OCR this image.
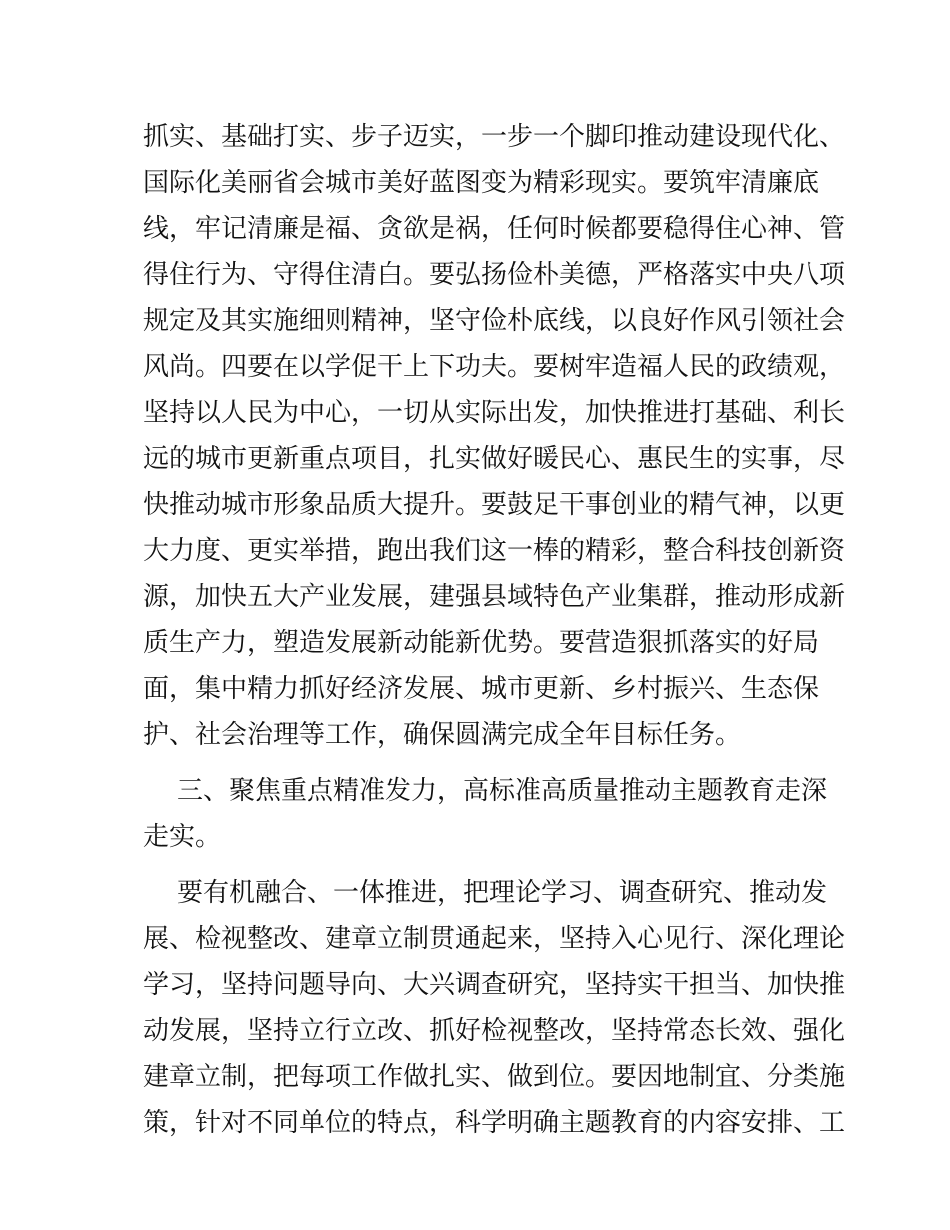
抓实、基础打实、步子迈实，一步一个脚印推动建设现代化、

国际化美丽省会城市美好蓝图变为精彩现实。要筑牢清廉底

线，牢记清廉是福、贪欲是祸，任何时候都要稳得住心神、管

得住行为、守得住清白。要弘扬俭朴美德，严格落实中央八项

规定及其实施细则精神，坚守俭朴底线，以良好作风引领社会

风尚。四要在以学促干上下功夫。要树牢造福人民的政绩观，

坚持以人民为中心，一切从实际出发，加快推进打基础、利长

远的城市更新重点项目，扎实做好暖民心、惠民生的实事，尽

快推动城市形象品质大提升。要鼓足干事创业的精气神，以更

大力度、更实举措，跑出我们这一棒的精彩，整合科技创新资

源，加快五大产业发展，建强县域特色产业集群，推动形成新

质生产力，塑造发展新动能新优势。要营造狠抓落实的好局

面，集中精力抓好经济发展、城市更新、乡村振兴、生态保

护、社会治理等工作，确保圆满完成全年目标任务。

三、聚焦重点精准发力，高标准高质量推动主题教育走深

走实。

要有机融合、一体推进，把理论学习、调查研究、推动发

展、检视整改、建章立制贯通起来，坚持入心见行、深化理论

学习，坚持问题导向、大兴调查研究，坚持实干担当、加快推

动发展，坚持立行立改、抓好检视整改，坚持常态长效、强化

建章立制，把每项工作做扎实、做到位。要因地制宜、分类施

策，针对不同单位的特点，科学明确主题教育的内容安排、工
